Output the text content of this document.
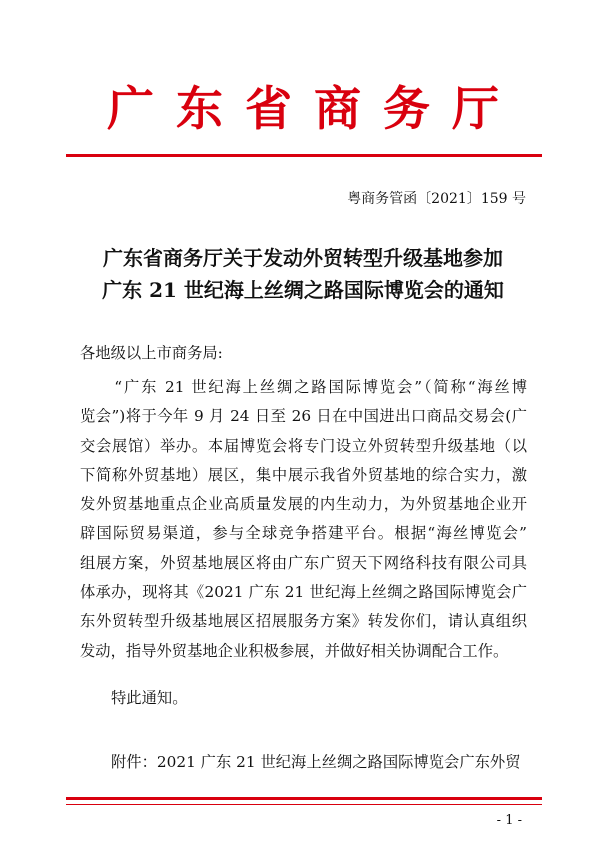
广东省商务厅
粤商务管函〔2021〕159 号
广东省商务厅关于发动外贸转型升级基地参加
广东 21 世纪海上丝绸之路国际博览会的通知
各地级以上市商务局:
　　“广东 21 世纪海上丝绸之路国际博览会”（简称“海丝博
览会”)将于今年 9 月 24 日至 26 日在中国进出口商品交易会(广
交会展馆）举办。本届博览会将专门设立外贸转型升级基地（以
下简称外贸基地）展区，集中展示我省外贸基地的综合实力，激
发外贸基地重点企业高质量发展的内生动力，为外贸基地企业开
辟国际贸易渠道，参与全球竞争搭建平台。根据“海丝博览会”
组展方案，外贸基地展区将由广东广贸天下网络科技有限公司具
体承办，现将其《2021 广东 21 世纪海上丝绸之路国际博览会广
东外贸转型升级基地展区招展服务方案》转发你们，请认真组织
发动，指导外贸基地企业积极参展，并做好相关协调配合工作。
特此通知。
附件：2021 广东 21 世纪海上丝绸之路国际博览会广东外贸
- 1 -
